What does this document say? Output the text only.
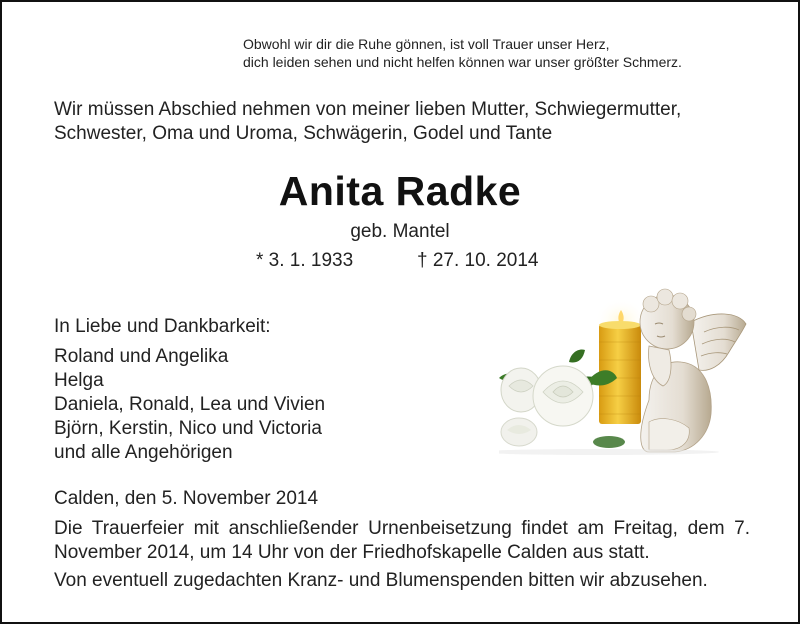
Obwohl wir dir die Ruhe gönnen, ist voll Trauer unser Herz,
dich leiden sehen und nicht helfen können war unser größter Schmerz.
Wir müssen Abschied nehmen von meiner lieben Mutter, Schwiegermutter,
Schwester, Oma und Uroma, Schwägerin, Godel und Tante
Anita Radke
geb. Mantel
* 3. 1. 1933	† 27. 10. 2014
In Liebe und Dankbarkeit:
Roland und Angelika
Helga
Daniela, Ronald, Lea und Vivien
Björn, Kerstin, Nico und Victoria
und alle Angehörigen
Calden, den 5. November 2014
Die Trauerfeier mit anschließender Urnenbeisetzung findet am Freitag, dem 7. November 2014, um 14 Uhr von der Friedhofskapelle Calden aus statt.
Von eventuell zugedachten Kranz- und Blumenspenden bitten wir abzusehen.
